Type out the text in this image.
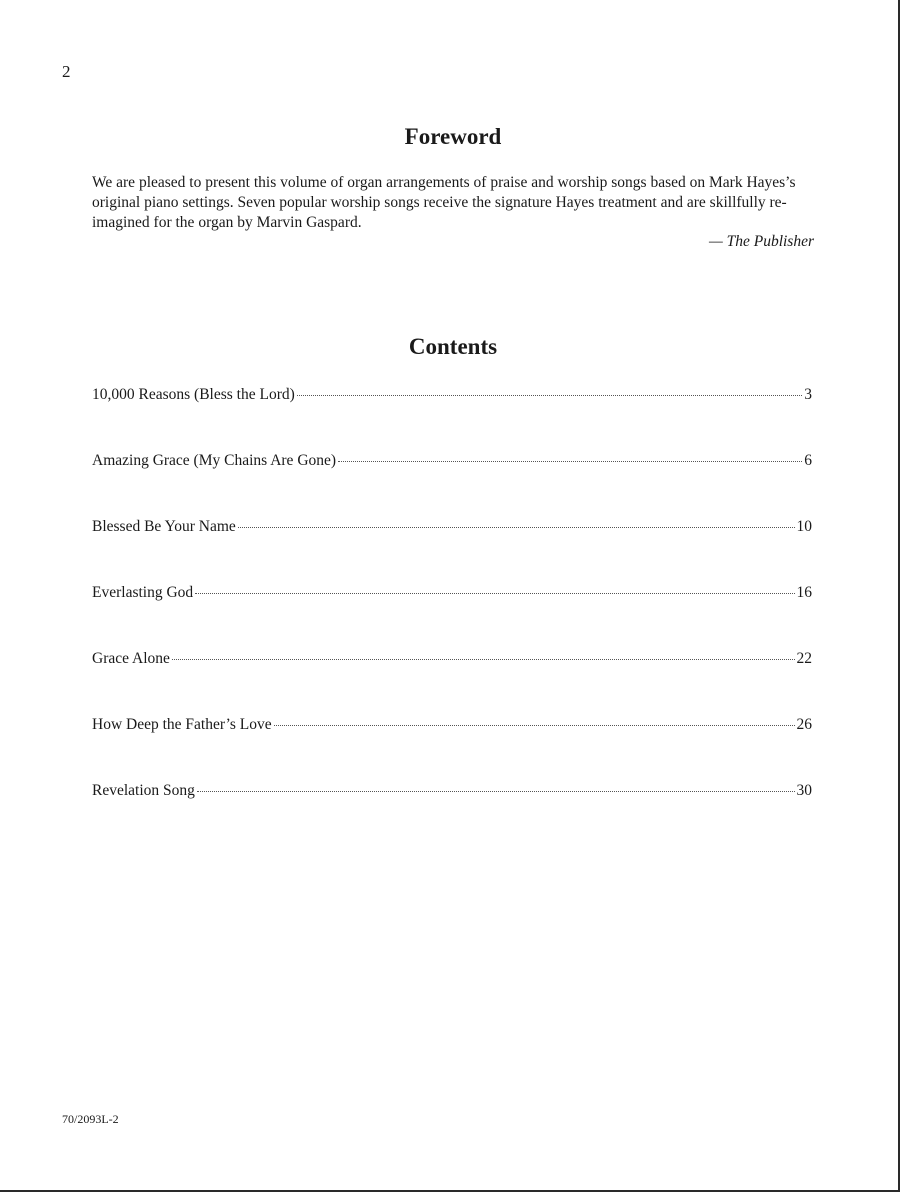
2
Foreword

We are pleased to present this volume of organ arrangements of praise and worship songs based on Mark Hayes’s original piano settings. Seven popular worship songs receive the signature Hayes treatment and are skillfully re-imagined for the organ by Marvin Gaspard.

— The Publisher
Contents
10,000 Reasons (Bless the Lord)	3
Amazing Grace (My Chains Are Gone)	6
Blessed Be Your Name	10
Everlasting God	16
Grace Alone	22
How Deep the Father’s Love	26
Revelation Song	30
70/2093L-2
